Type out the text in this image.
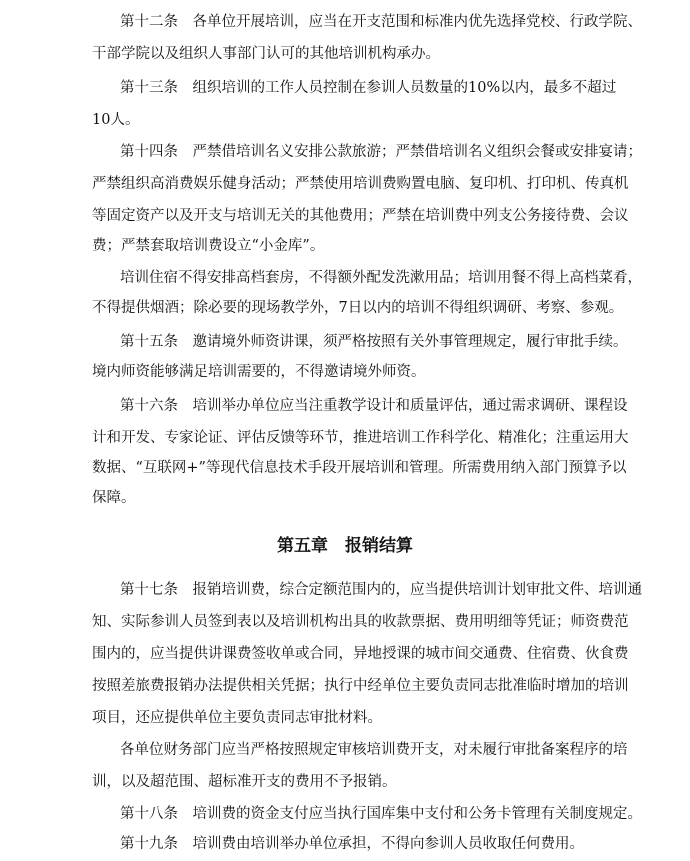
第十二条　各单位开展培训，应当在开支范围和标准内优先选择党校、行政学院、
干部学院以及组织人事部门认可的其他培训机构承办。
第十三条　组织培训的工作人员控制在参训人员数量的10%以内，最多不超过
10人。
第十四条　严禁借培训名义安排公款旅游；严禁借培训名义组织会餐或安排宴请；
严禁组织高消费娱乐健身活动；严禁使用培训费购置电脑、复印机、打印机、传真机
等固定资产以及开支与培训无关的其他费用；严禁在培训费中列支公务接待费、会议
费；严禁套取培训费设立“小金库”。
培训住宿不得安排高档套房，不得额外配发洗漱用品；培训用餐不得上高档菜肴，
不得提供烟酒；除必要的现场教学外，7日以内的培训不得组织调研、考察、参观。
第十五条　邀请境外师资讲课，须严格按照有关外事管理规定，履行审批手续。
境内师资能够满足培训需要的，不得邀请境外师资。
第十六条　培训举办单位应当注重教学设计和质量评估，通过需求调研、课程设
计和开发、专家论证、评估反馈等环节，推进培训工作科学化、精准化；注重运用大
数据、“互联网+”等现代信息技术手段开展培训和管理。所需费用纳入部门预算予以
保障。
第五章　报销结算
第十七条　报销培训费，综合定额范围内的，应当提供培训计划审批文件、培训通
知、实际参训人员签到表以及培训机构出具的收款票据、费用明细等凭证；师资费范
围内的，应当提供讲课费签收单或合同，异地授课的城市间交通费、住宿费、伙食费
按照差旅费报销办法提供相关凭据；执行中经单位主要负责同志批准临时增加的培训
项目，还应提供单位主要负责同志审批材料。
各单位财务部门应当严格按照规定审核培训费开支，对未履行审批备案程序的培
训，以及超范围、超标准开支的费用不予报销。
第十八条　培训费的资金支付应当执行国库集中支付和公务卡管理有关制度规定。
第十九条　培训费由培训举办单位承担，不得向参训人员收取任何费用。
